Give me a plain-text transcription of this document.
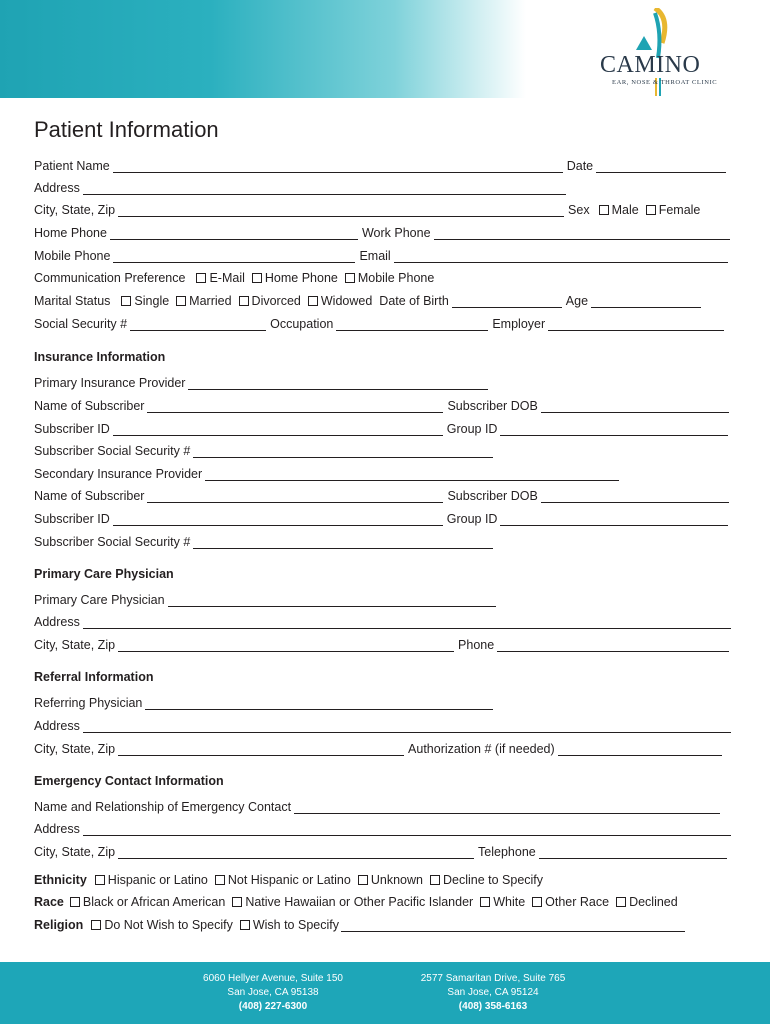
CAMINO
EAR, NOSE & THROAT CLINIC
Patient Information
Patient Name	Date
Address
City, State, Zip	Sex Male Female
Home Phone	Work Phone
Mobile Phone	Email
Communication Preference E-Mail Home Phone Mobile Phone
Marital Status Single Married Divorced Widowed Date of Birth	Age
Social Security #	Occupation	Employer
Insurance Information
Primary Insurance Provider
Name of Subscriber	Subscriber DOB
Subscriber ID	Group ID
Subscriber Social Security #
Secondary Insurance Provider
Name of Subscriber	Subscriber DOB
Subscriber ID	Group ID
Subscriber Social Security #
Primary Care Physician
Primary Care Physician
Address
City, State, Zip	Phone
Referral Information
Referring Physician
Address
City, State, Zip	Authorization # (if needed)
Emergency Contact Information
Name and Relationship of Emergency Contact
Address
City, State, Zip	Telephone
Ethnicity Hispanic or Latino Not Hispanic or Latino Unknown Decline to Specify
Race Black or African American Native Hawaiian or Other Pacific Islander White Other Race Declined
Religion Do Not Wish to Specify Wish to Specify
6060 Hellyer Avenue, Suite 150
San Jose, CA 95138
(408) 227-6300
2577 Samaritan Drive, Suite 765
San Jose, CA 95124
(408) 358-6163
